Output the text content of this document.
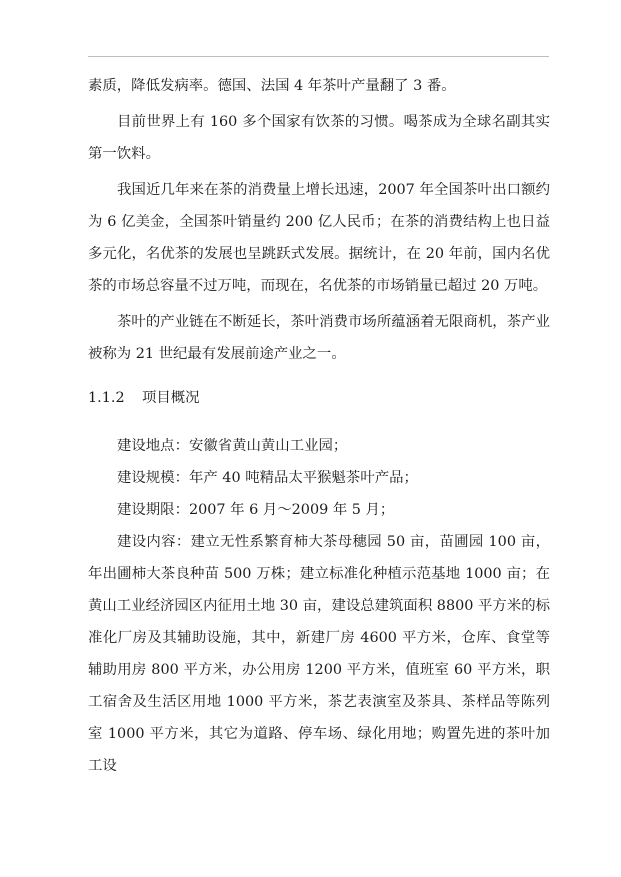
素质，降低发病率。德国、法国 4 年茶叶产量翻了 3 番。

目前世界上有 160 多个国家有饮茶的习惯。喝茶成为全球名副其实第一饮料。

我国近几年来在茶的消费量上增长迅速，2007 年全国茶叶出口额约为 6 亿美金，全国茶叶销量约 200 亿人民币；在茶的消费结构上也日益多元化，名优茶的发展也呈跳跃式发展。据统计，在 20 年前，国内名优茶的市场总容量不过万吨，而现在，名优茶的市场销量已超过 20 万吨。

茶叶的产业链在不断延长，茶叶消费市场所蕴涵着无限商机，茶产业被称为 21 世纪最有发展前途产业之一。

1.1.2 项目概况

建设地点：安徽省黄山黄山工业园；

建设规模：年产 40 吨精品太平猴魁茶叶产品；

建设期限：2007 年 6 月～2009 年 5 月；

建设内容：建立无性系繁育柿大茶母穗园 50 亩，苗圃园 100 亩，年出圃柿大茶良种苗 500 万株；建立标准化种植示范基地 1000 亩；在黄山工业经济园区内征用土地 30 亩，建设总建筑面积 8800 平方米的标准化厂房及其辅助设施，其中，新建厂房 4600 平方米，仓库、食堂等辅助用房 800 平方米，办公用房 1200 平方米，值班室 60 平方米，职工宿舍及生活区用地 1000 平方米，茶艺表演室及茶具、茶样品等陈列室 1000 平方米，其它为道路、停车场、绿化用地；购置先进的茶叶加工设
